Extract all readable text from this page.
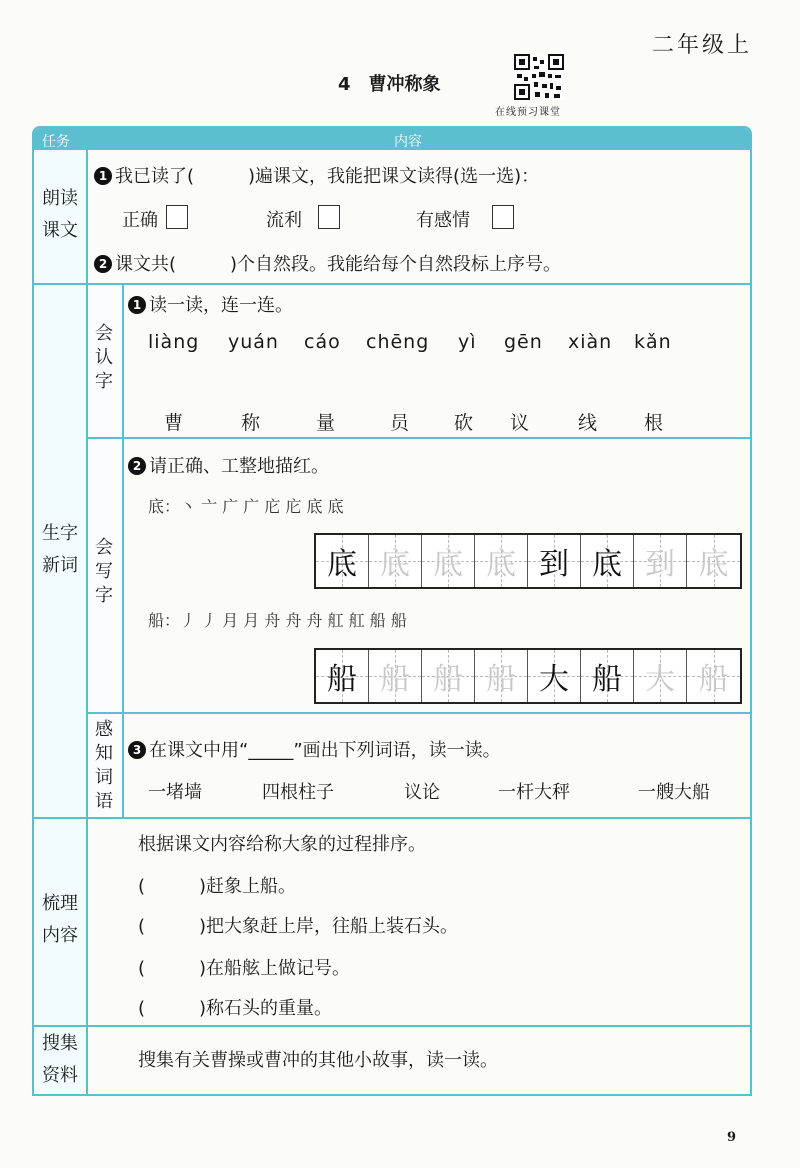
二年级上
4　曹冲称象
在线预习课堂
任务	内容
朗读
课文
1 我已读了(　　　)遍课文，我能把课文读得(选一选)：
正确	流利	有感情
2 课文共(　　　)个自然段。我能给每个自然段标上序号。
生字
新词
会
认
字
1 读一读，连一连。
liàng yuán cáo chēng yì gēn xiàn kǎn
曹	称	量	员 砍 议	线 根
会
写
字
2 请正确、工整地描红。
底：丶 亠 广 广 庀 庀 底 底
底 底 底 底 到 底 到 底
船：丿 丿 月 月 舟 舟 舟 舡 舡 船 船
船 船 船 船 大 船 大 船
感
知
词
语
3 在课文中用“_____”画出下列词语，读一读。
一堵墙	四根柱子	议论	一杆大秤	一艘大船
梳理
内容
根据课文内容给称大象的过程排序。
(　　　)赶象上船。
(　　　)把大象赶上岸，往船上装石头。
(　　　)在船舷上做记号。
(　　　)称石头的重量。
搜集
资料
搜集有关曹操或曹冲的其他小故事，读一读。
9
